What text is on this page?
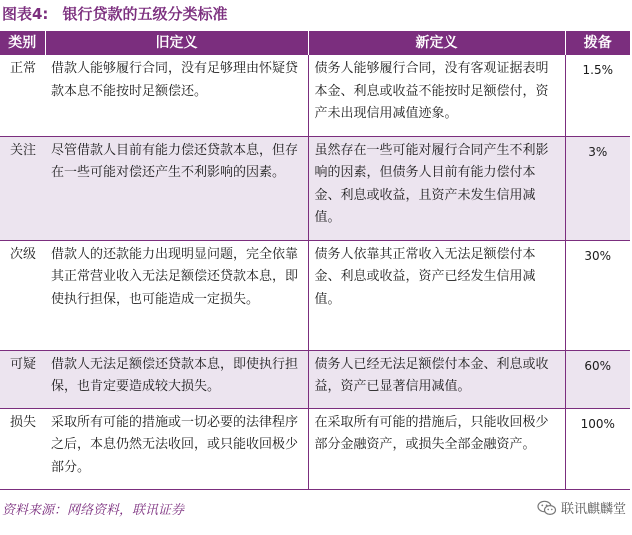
图表4: 银行贷款的五级分类标准
类别	旧定义	新定义	拨备
正常	借款人能够履行合同，没有足够理由怀疑贷款本息不能按时足额偿还。	债务人能够履行合同，没有客观证据表明本金、利息或收益不能按时足额偿付，资产未出现信用减值迹象。	1.5%
关注	尽管借款人目前有能力偿还贷款本息，但存在一些可能对偿还产生不利影响的因素。	虽然存在一些可能对履行合同产生不利影响的因素，但债务人目前有能力偿付本金、利息或收益，且资产未发生信用减值。	3%
次级	借款人的还款能力出现明显问题，完全依靠其正常营业收入无法足额偿还贷款本息，即使执行担保，也可能造成一定损失。	债务人依靠其正常收入无法足额偿付本金、利息或收益，资产已经发生信用减值。	30%
可疑	借款人无法足额偿还贷款本息，即使执行担保，也肯定要造成较大损失。	债务人已经无法足额偿付本金、利息或收益，资产已显著信用减值。	60%
损失	采取所有可能的措施或一切必要的法律程序之后，本息仍然无法收回，或只能收回极少部分。	在采取所有可能的措施后，只能收回极少部分金融资产，或损失全部金融资产。	100%
资料来源：网络资料，联讯证券	联讯麒麟堂
